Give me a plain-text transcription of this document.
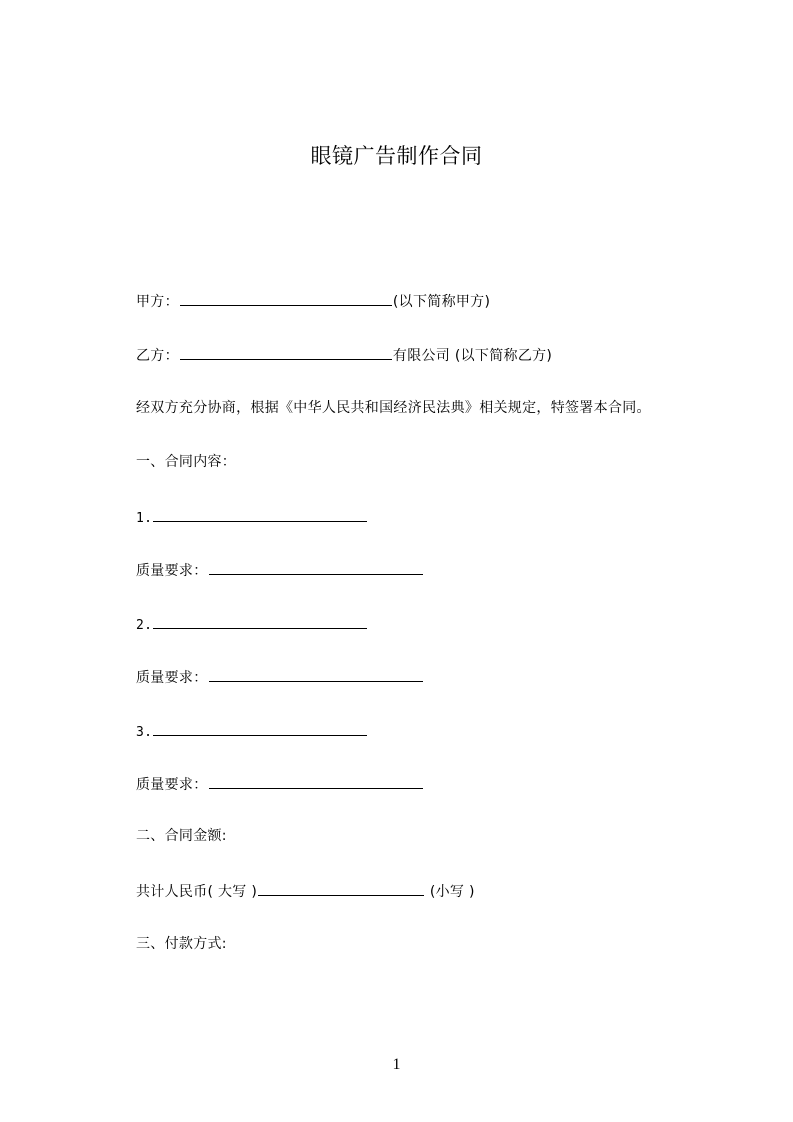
眼镜广告制作合同
甲方：	(以下简称甲方)
乙方：	有限公司 (以下简称乙方)
经双方充分协商，根据《中华人民共和国经济民法典》相关规定，特签署本合同。
一、合同内容：
1.
质量要求：
2.
质量要求：
3.
质量要求：
二、合同金额:
共计人民币( 大写 )	(小写 )
三、付款方式:
1
